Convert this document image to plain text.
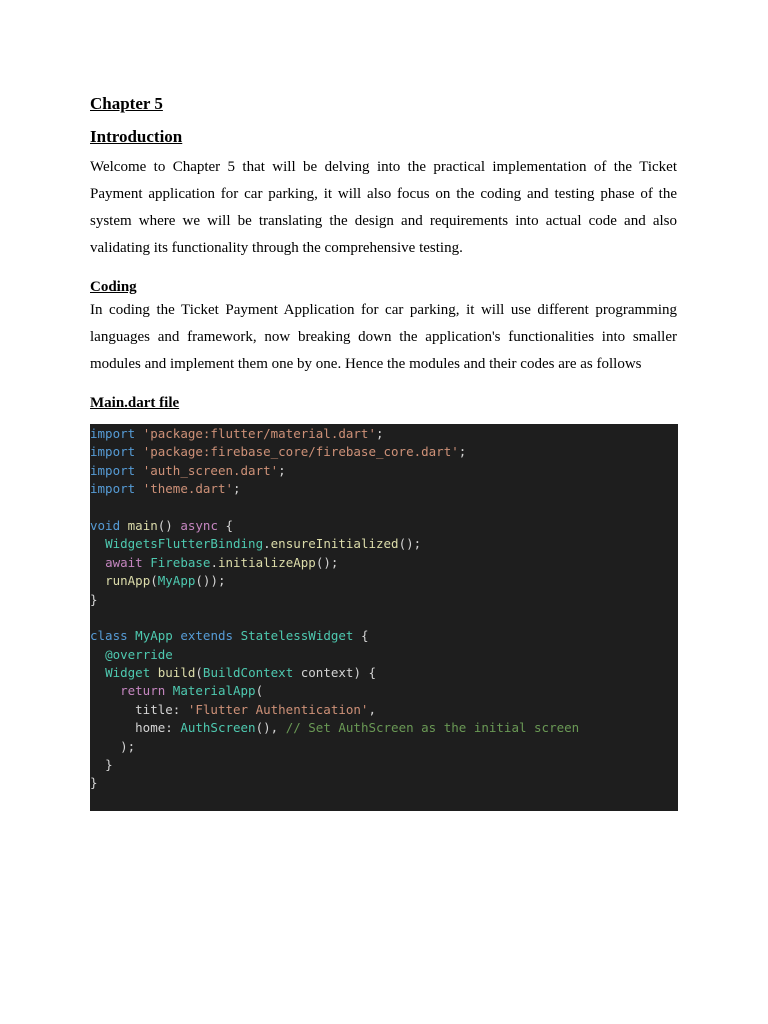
Chapter 5
Introduction

Welcome to Chapter 5 that will be delving into the practical implementation of the Ticket Payment application for car parking, it will also focus on the coding and testing phase of the system where we will be translating the design and requirements into actual code and also validating its functionality through the comprehensive testing.

Coding

In coding the Ticket Payment Application for car parking, it will use different programming languages and framework, now breaking down the application's functionalities into smaller modules and implement them one by one. Hence the modules and their codes are as follows

Main.dart file
import 'package:flutter/material.dart';
import 'package:firebase_core/firebase_core.dart';
import 'auth_screen.dart';
import 'theme.dart';

void main() async {
WidgetsFlutterBinding.ensureInitialized();
await Firebase.initializeApp();
runApp(MyApp());
}

class MyApp extends StatelessWidget {
@override
Widget build(BuildContext context) {
return MaterialApp(
title: 'Flutter Authentication',
home: AuthScreen(), // Set AuthScreen as the initial screen
);
}
}
